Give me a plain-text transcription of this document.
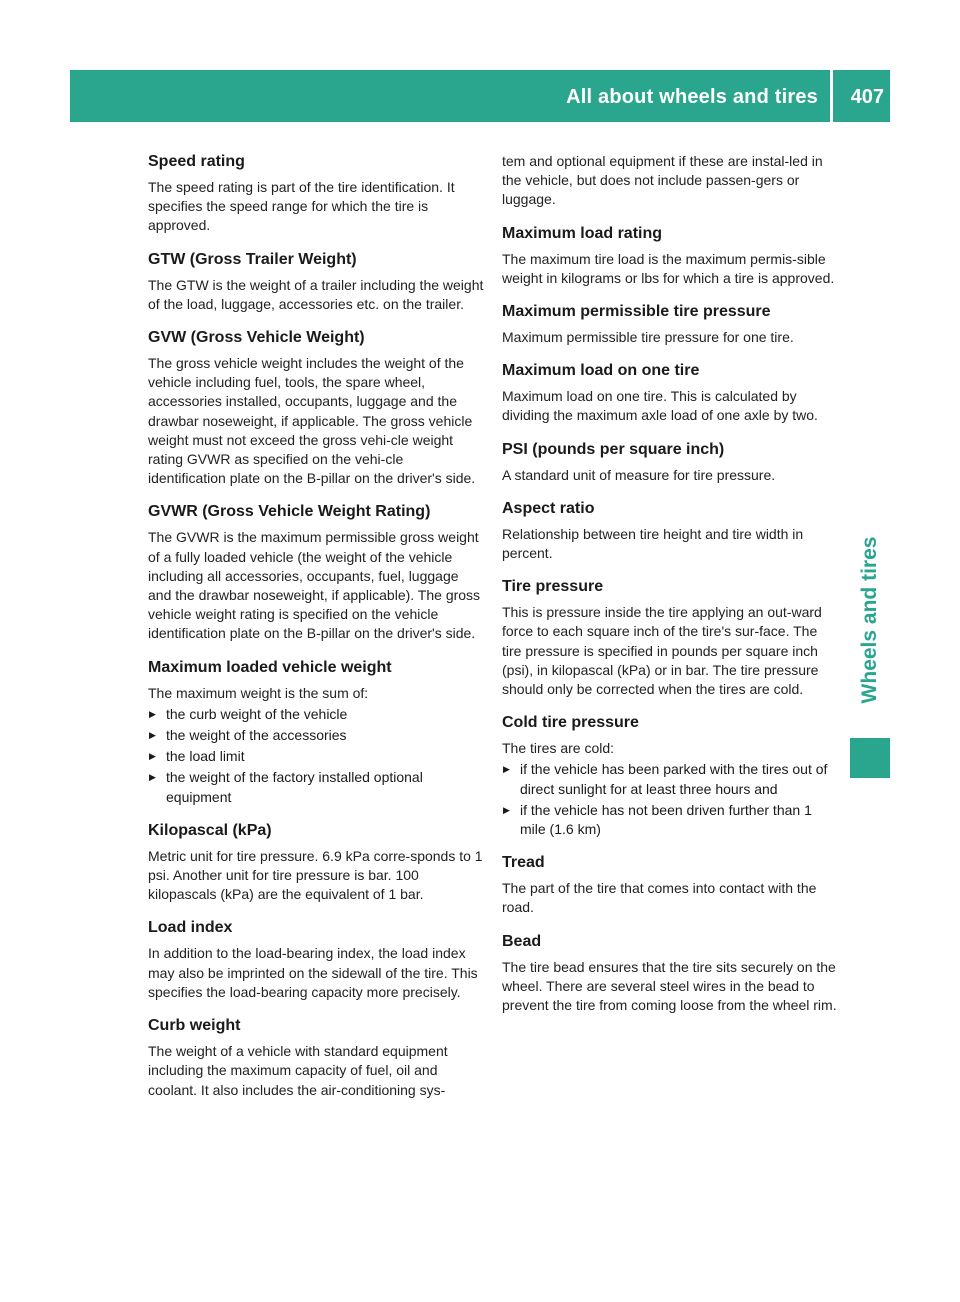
All about wheels and tires 407
Wheels and tires
Speed rating
The speed rating is part of the tire identification. It specifies the speed range for which the tire is approved.
GTW (Gross Trailer Weight)
The GTW is the weight of a trailer including the weight of the load, luggage, accessories etc. on the trailer.
GVW (Gross Vehicle Weight)
The gross vehicle weight includes the weight of the vehicle including fuel, tools, the spare wheel, accessories installed, occupants, luggage and the drawbar noseweight, if applicable. The gross vehicle weight must not exceed the gross vehi-cle weight rating GVWR as specified on the vehi-cle identification plate on the B-pillar on the driver's side.
GVWR (Gross Vehicle Weight Rating)
The GVWR is the maximum permissible gross weight of a fully loaded vehicle (the weight of the vehicle including all accessories, occupants, fuel, luggage and the drawbar noseweight, if applicable). The gross vehicle weight rating is specified on the vehicle identification plate on the B-pillar on the driver's side.
Maximum loaded vehicle weight
The maximum weight is the sum of:
▶ the curb weight of the vehicle
▶ the weight of the accessories
▶ the load limit
▶ the weight of the factory installed optional equipment
Kilopascal (kPa)
Metric unit for tire pressure. 6.9 kPa corre-sponds to 1 psi. Another unit for tire pressure is bar. 100 kilopascals (kPa) are the equivalent of 1 bar.
Load index
In addition to the load-bearing index, the load index may also be imprinted on the sidewall of the tire. This specifies the load-bearing capacity more precisely.
Curb weight
The weight of a vehicle with standard equipment including the maximum capacity of fuel, oil and coolant. It also includes the air-conditioning sys-
tem and optional equipment if these are instal-led in the vehicle, but does not include passen-gers or luggage.
Maximum load rating
The maximum tire load is the maximum permis-sible weight in kilograms or lbs for which a tire is approved.
Maximum permissible tire pressure
Maximum permissible tire pressure for one tire.
Maximum load on one tire
Maximum load on one tire. This is calculated by dividing the maximum axle load of one axle by two.
PSI (pounds per square inch)
A standard unit of measure for tire pressure.
Aspect ratio
Relationship between tire height and tire width in percent.
Tire pressure
This is pressure inside the tire applying an out-ward force to each square inch of the tire's sur-face. The tire pressure is specified in pounds per square inch (psi), in kilopascal (kPa) or in bar. The tire pressure should only be corrected when the tires are cold.
Cold tire pressure
The tires are cold:
▶ if the vehicle has been parked with the tires out of direct sunlight for at least three hours and
▶ if the vehicle has not been driven further than 1 mile (1.6 km)
Tread
The part of the tire that comes into contact with the road.
Bead
The tire bead ensures that the tire sits securely on the wheel. There are several steel wires in the bead to prevent the tire from coming loose from the wheel rim.
